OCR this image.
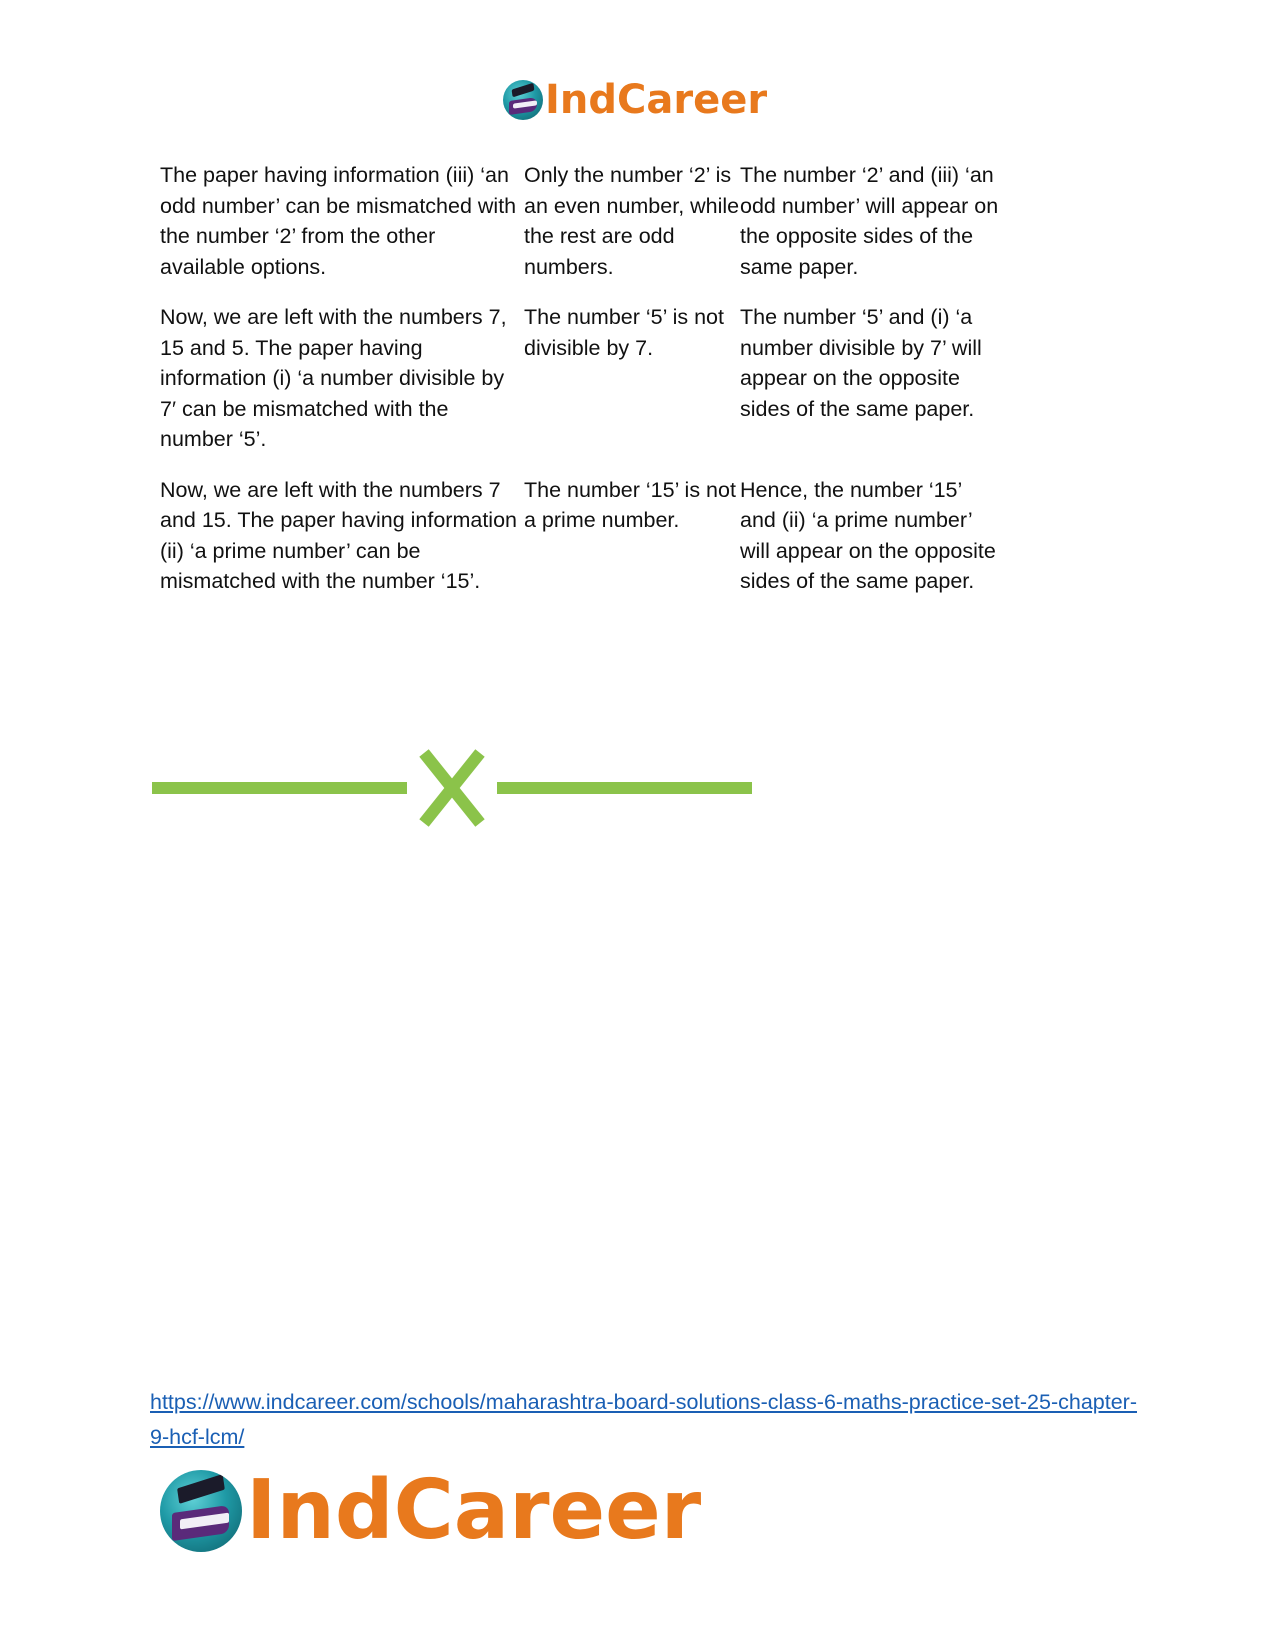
IndCareer
The paper having information (iii) ‘an odd number’ can be mismatched with the number ‘2’ from the other available options.	Only the number ‘2’ is an even number, while the rest are odd numbers.	The number ‘2’ and (iii) ‘an odd number’ will appear on the opposite sides of the same paper.
Now, we are left with the numbers 7, 15 and 5. The paper having information (i) ‘a number divisible by 7′ can be mismatched with the number ‘5’.	The number ‘5’ is not divisible by 7.	The number ‘5’ and (i) ‘a number divisible by 7’ will appear on the opposite sides of the same paper.
Now, we are left with the numbers 7 and 15. The paper having information (ii) ‘a prime number’ can be mismatched with the number ‘15’.	The number ‘15’ is not a prime number.	Hence, the number ‘15’ and (ii) ‘a prime number’ will appear on the opposite sides of the same paper.
https://www.indcareer.com/schools/maharashtra-board-solutions-class-6-maths-practice-set-25-chapter-9-hcf-lcm/
IndCareer
